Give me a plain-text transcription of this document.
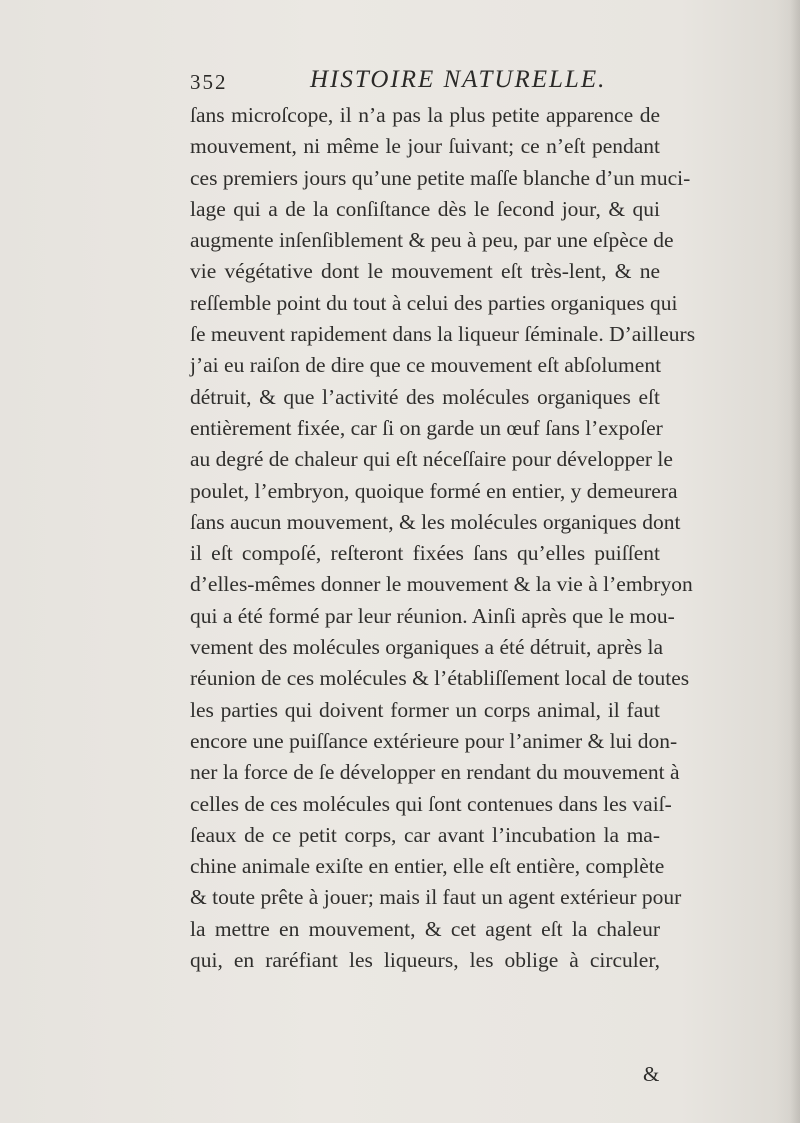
352	HISTOIRE NATURELLE.
ſans microſcope, il n’a pas la plus petite apparence de
mouvement, ni même le jour ſuivant; ce n’eſt pendant
ces premiers jours qu’une petite maſſe blanche d’un muci-
lage qui a de la conſiſtance dès le ſecond jour, & qui
augmente inſenſiblement & peu à peu, par une eſpèce de
vie végétative dont le mouvement eſt très-lent, & ne
reſſemble point du tout à celui des parties organiques qui
ſe meuvent rapidement dans la liqueur ſéminale. D’ailleurs
j’ai eu raiſon de dire que ce mouvement eſt abſolument
détruit, & que l’activité des molécules organiques eſt
entièrement fixée, car ſi on garde un œuf ſans l’expoſer
au degré de chaleur qui eſt néceſſaire pour développer le
poulet, l’embryon, quoique formé en entier, y demeurera
ſans aucun mouvement, & les molécules organiques dont
il eſt compoſé, reſteront fixées ſans qu’elles puiſſent
d’elles-mêmes donner le mouvement & la vie à l’embryon
qui a été formé par leur réunion. Ainſi après que le mou-
vement des molécules organiques a été détruit, après la
réunion de ces molécules & l’établiſſement local de toutes
les parties qui doivent former un corps animal, il faut
encore une puiſſance extérieure pour l’animer & lui don-
ner la force de ſe développer en rendant du mouvement à
celles de ces molécules qui ſont contenues dans les vaiſ-
ſeaux de ce petit corps, car avant l’incubation la ma-
chine animale exiſte en entier, elle eſt entière, complète
& toute prête à jouer; mais il faut un agent extérieur pour
la mettre en mouvement, & cet agent eſt la chaleur
qui, en raréfiant les liqueurs, les oblige à circuler,
&
